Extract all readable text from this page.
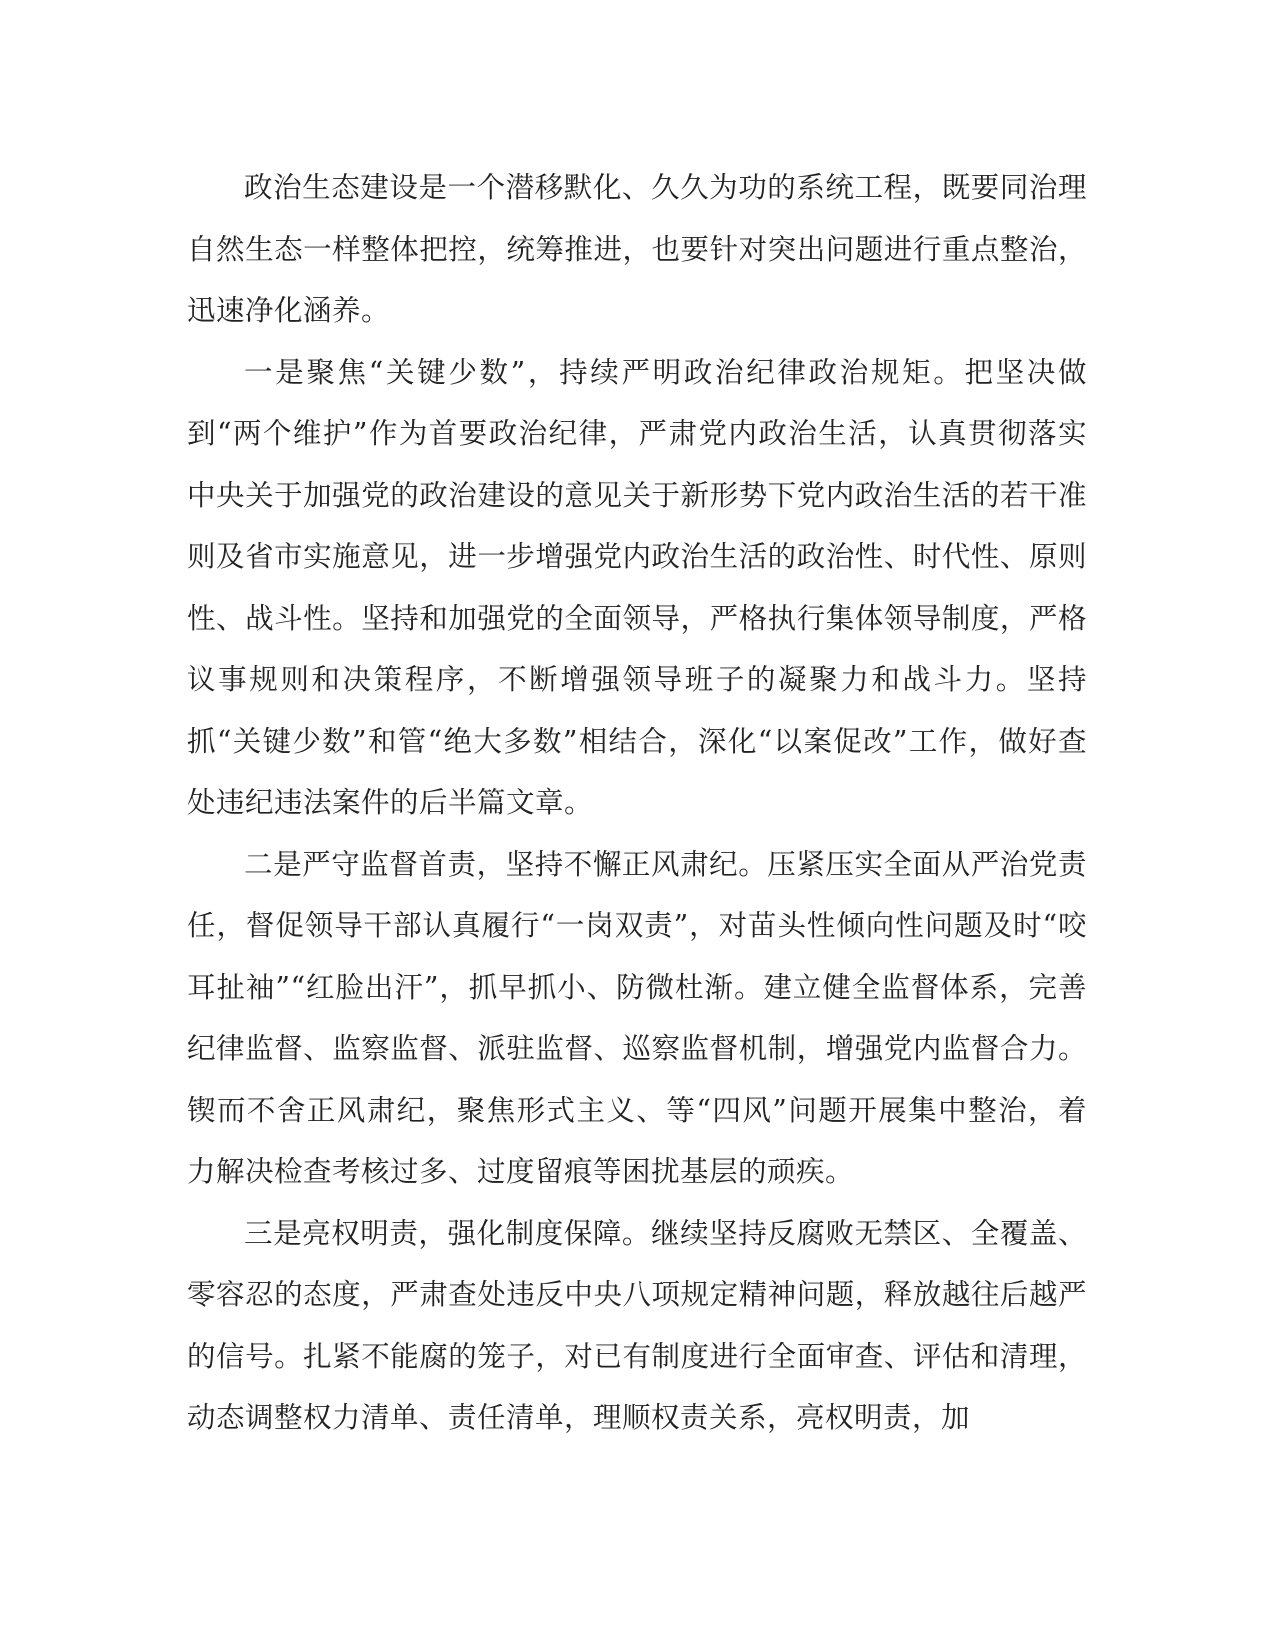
政治生态建设是一个潜移默化、久久为功的系统工程，既要同治理自然生态一样整体把控，统筹推进，也要针对突出问题进行重点整治，迅速净化涵养。

一是聚焦“关键少数”，持续严明政治纪律政治规矩。把坚决做到“两个维护”作为首要政治纪律，严肃党内政治生活，认真贯彻落实中央关于加强党的政治建设的意见关于新形势下党内政治生活的若干准则及省市实施意见，进一步增强党内政治生活的政治性、时代性、原则性、战斗性。坚持和加强党的全面领导，严格执行集体领导制度，严格议事规则和决策程序，不断增强领导班子的凝聚力和战斗力。坚持抓“关键少数”和管“绝大多数”相结合，深化“以案促改”工作，做好查处违纪违法案件的后半篇文章。

二是严守监督首责，坚持不懈正风肃纪。压紧压实全面从严治党责任，督促领导干部认真履行“一岗双责”，对苗头性倾向性问题及时“咬耳扯袖”“红脸出汗”，抓早抓小、防微杜渐。建立健全监督体系，完善纪律监督、监察监督、派驻监督、巡察监督机制，增强党内监督合力。锲而不舍正风肃纪，聚焦形式主义、等“四风”问题开展集中整治，着力解决检查考核过多、过度留痕等困扰基层的顽疾。

三是亮权明责，强化制度保障。继续坚持反腐败无禁区、全覆盖、零容忍的态度，严肃查处违反中央八项规定精神问题，释放越往后越严的信号。扎紧不能腐的笼子，对已有制度进行全面审查、评估和清理，动态调整权力清单、责任清单，理顺权责关系，亮权明责，加
